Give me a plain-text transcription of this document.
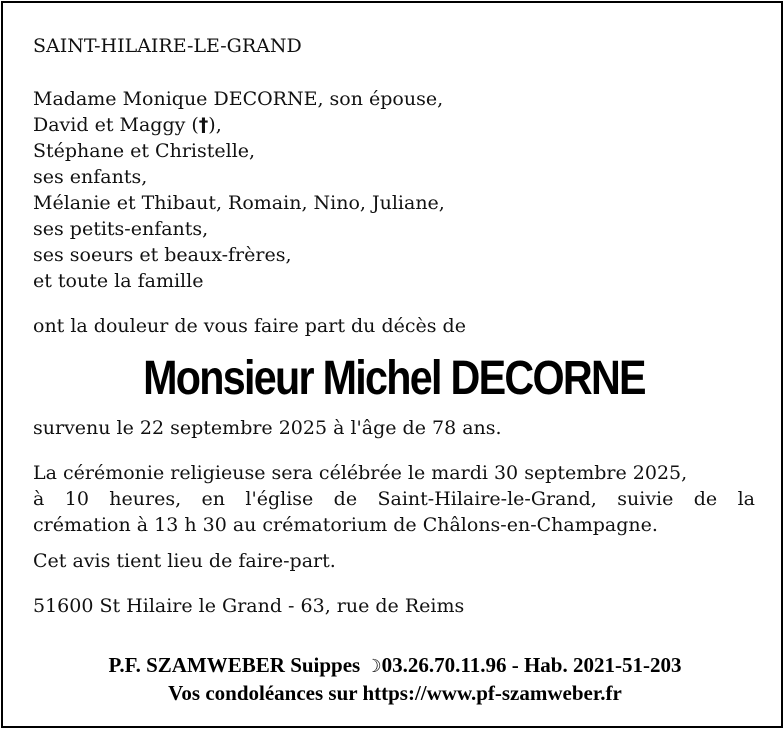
SAINT-HILAIRE-LE-GRAND
Madame Monique DECORNE, son épouse,
David et Maggy (†),
Stéphane et Christelle,
ses enfants,
Mélanie et Thibaut, Romain, Nino, Juliane,
ses petits-enfants,
ses soeurs et beaux-frères,
et toute la famille
ont la douleur de vous faire part du décès de
Monsieur Michel DECORNE
survenu le 22 septembre 2025 à l'âge de 78 ans.
La cérémonie religieuse sera célébrée le mardi 30 septembre 2025,
à 10 heures, en l'église de Saint-Hilaire-le-Grand, suivie de la
crémation à 13 h 30 au crématorium de Châlons-en-Champagne.
Cet avis tient lieu de faire-part.
51600 St Hilaire le Grand - 63, rue de Reims
P.F. SZAMWEBER Suippes ☽03.26.70.11.96 - Hab. 2021-51-203
Vos condoléances sur https://www.pf-szamweber.fr
